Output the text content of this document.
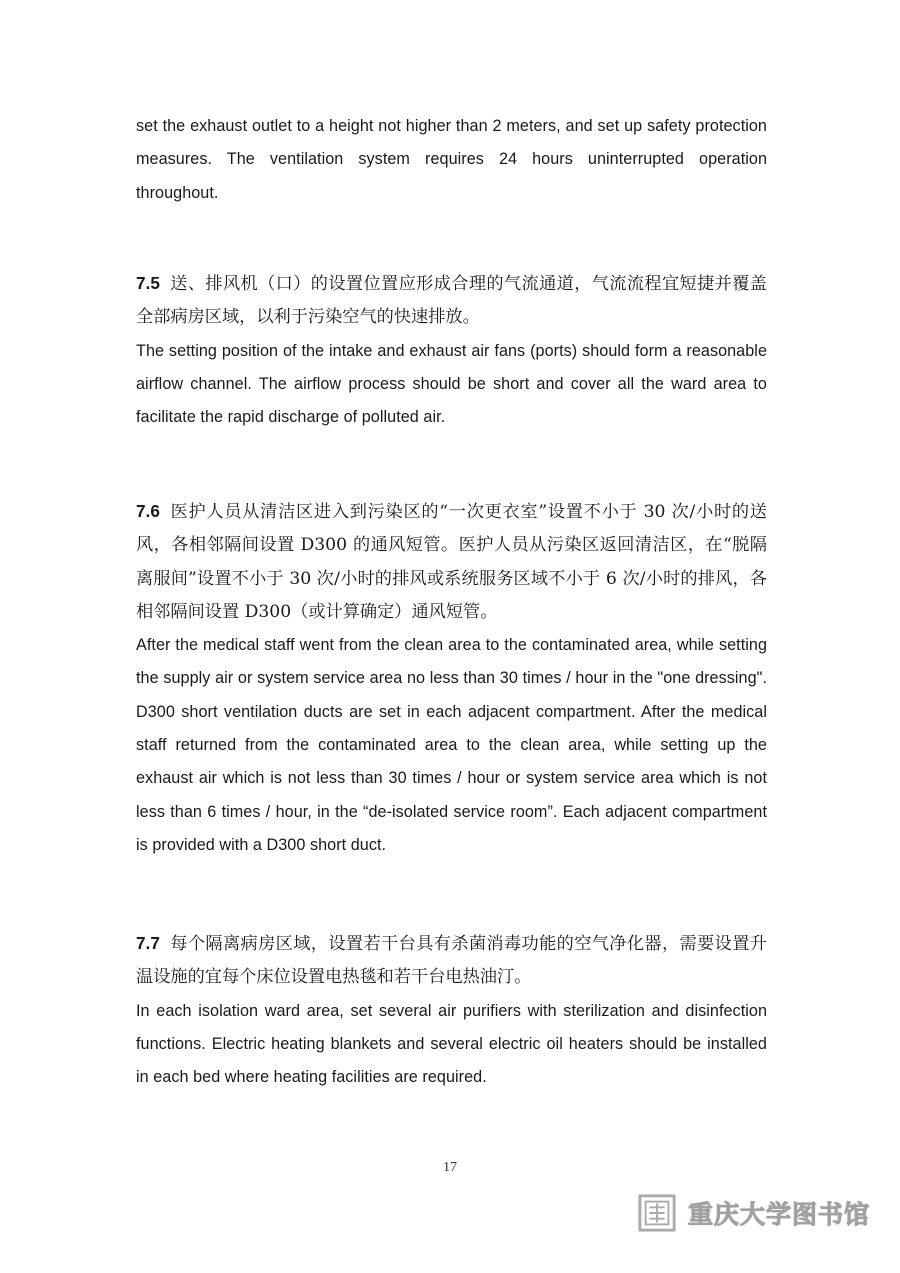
set the exhaust outlet to a height not higher than 2 meters, and set up safety protection measures. The ventilation system requires 24 hours uninterrupted operation throughout.

7.5 送、排风机（口）的设置位置应形成合理的气流通道，气流流程宜短捷并覆盖全部病房区域，以利于污染空气的快速排放。

The setting position of the intake and exhaust air fans (ports) should form a reasonable airflow channel. The airflow process should be short and cover all the ward area to facilitate the rapid discharge of polluted air.

7.6 医护人员从清洁区进入到污染区的“一次更衣室”设置不小于 30 次/小时的送风，各相邻隔间设置 D300 的通风短管。医护人员从污染区返回清洁区，在“脱隔离服间”设置不小于 30 次/小时的排风或系统服务区域不小于 6 次/小时的排风，各相邻隔间设置 D300（或计算确定）通风短管。

After the medical staff went from the clean area to the contaminated area, while setting the supply air or system service area no less than 30 times / hour in the "one dressing". D300 short ventilation ducts are set in each adjacent compartment. After the medical staff returned from the contaminated area to the clean area, while setting up the exhaust air which is not less than 30 times / hour or system service area which is not less than 6 times / hour, in the “de-isolated service room”. Each adjacent compartment is provided with a D300 short duct.

7.7 每个隔离病房区域，设置若干台具有杀菌消毒功能的空气净化器，需要设置升温设施的宜每个床位设置电热毯和若干台电热油汀。

In each isolation ward area, set several air purifiers with sterilization and disinfection functions. Electric heating blankets and several electric oil heaters should be installed in each bed where heating facilities are required.

17
重庆大学图书馆
